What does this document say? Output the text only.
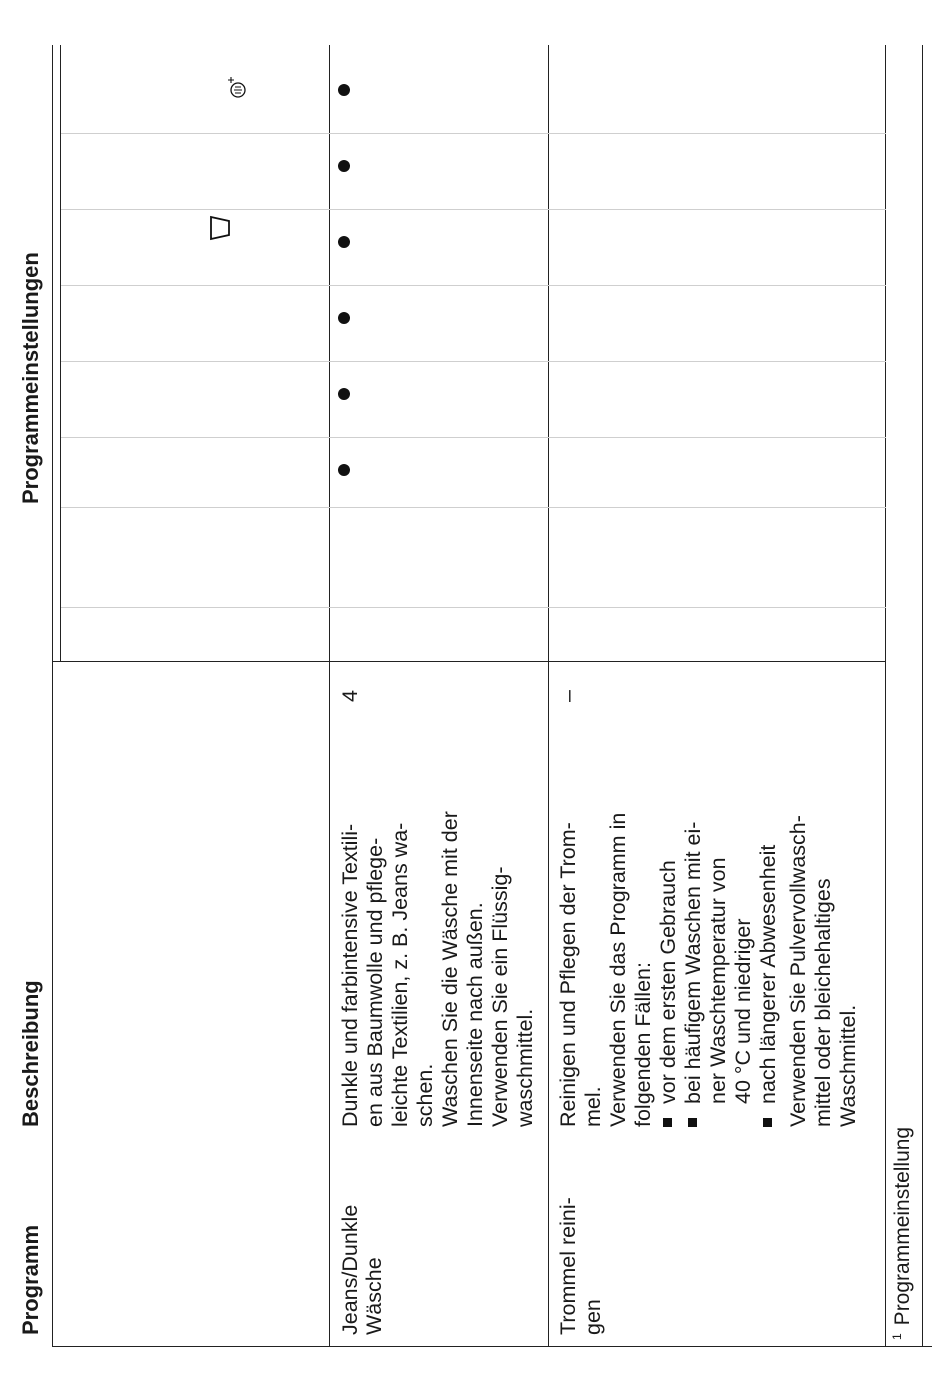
Programm
Beschreibung
Programmeinstellungen
Jeans/Dunkle Wäsche
Dunkle und farbintensive Textili- en aus Baumwolle und pflege- leichte Textilien, z. B. Jeans wa- schen. Waschen Sie die Wäsche mit der Innenseite nach außen. Verwenden Sie ein Flüssig- waschmittel.
4
Trommel reini- gen
Reinigen und Pflegen der Trom- mel. Verwenden Sie das Programm in folgenden Fällen: vor dem ersten Gebrauch bei häufigem Waschen mit ei- ner Waschtemperatur von 40 °C und niedriger nach längerer Abwesenheit Verwenden Sie Pulvervollwasch- mittel oder bleichehaltiges Waschmittel.
–
$^1$Programmeinstellung
